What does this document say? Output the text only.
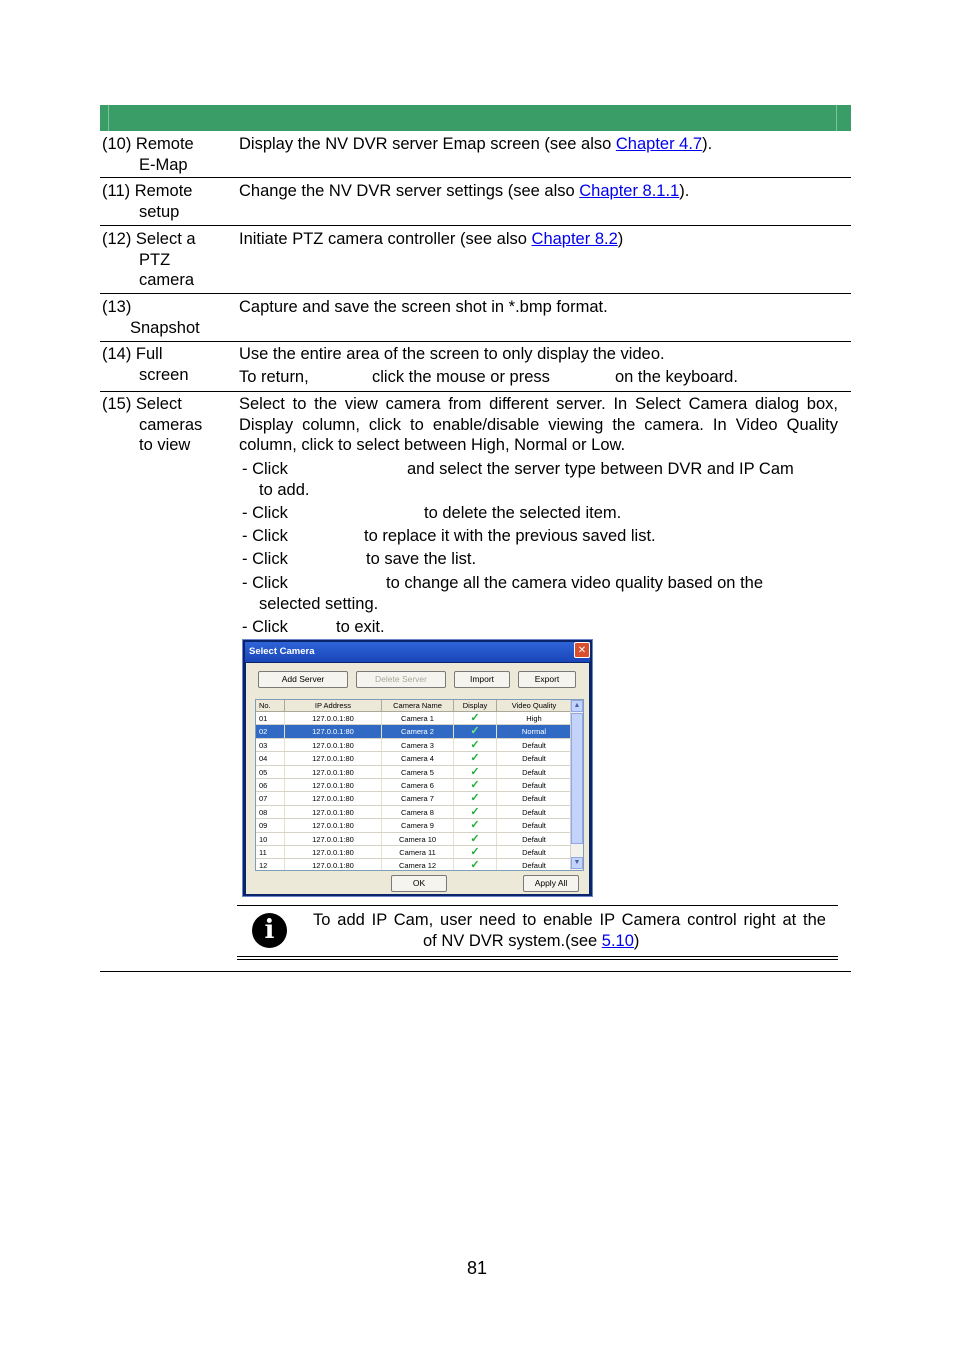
(10) Remote
E-Map
Display the NV DVR server Emap screen (see also Chapter 4.7).
(11) Remote
setup
Change the NV DVR server settings (see also Chapter 8.1.1).
(12) Select a
PTZ
camera
Initiate PTZ camera controller (see also Chapter 8.2)
(13)
Snapshot
Capture and save the screen shot in *.bmp format.
(14) Full
screen
Use the entire area of the screen to only display the video.
To return,	click the mouse or press	on the keyboard.
(15) Select
cameras
to view
Select to the view camera from different server. In Select Camera dialog box, Display column, click to enable/disable viewing the camera. In Video Quality column, click to select between High, Normal or Low.
- Click	and select the server type between DVR and IP Cam
to add.
- Click	to delete the selected item.
- Click	to replace it with the previous saved list.
- Click	to save the list.
- Click	to change all the camera video quality based on the
selected setting.
- Click	to exit.
Select Camera	✕
Add Server	Delete Server	Import	Export
No.	IP Address	Camera Name	Display	Video Quality
01	127.0.0.1:80	Camera 1	✓	High
02	127.0.0.1:80	Camera 2	✓	Normal
03	127.0.0.1:80	Camera 3	✓	Default
04	127.0.0.1:80	Camera 4	✓	Default
05	127.0.0.1:80	Camera 5	✓	Default
06	127.0.0.1:80	Camera 6	✓	Default
07	127.0.0.1:80	Camera 7	✓	Default
08	127.0.0.1:80	Camera 8	✓	Default
09	127.0.0.1:80	Camera 9	✓	Default
10	127.0.0.1:80	Camera 10	✓	Default
11	127.0.0.1:80	Camera 11	✓	Default
12	127.0.0.1:80	Camera 12	✓	Default
▲
▼
OK	Apply All
i	To add IP Cam, user need to enable IP Camera control right at the of NV DVR system.(see 5.10)
81
